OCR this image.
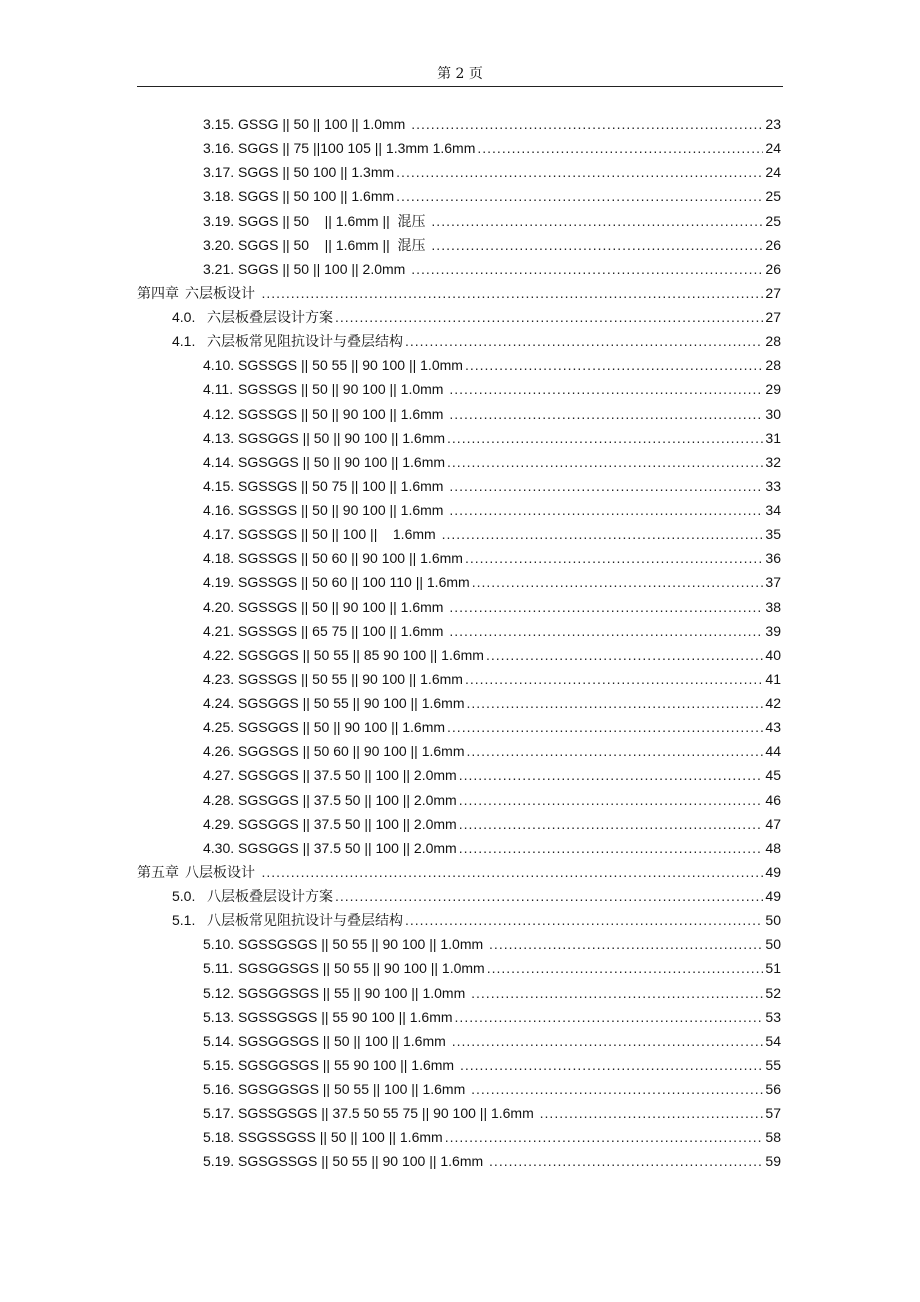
第 2 页
3.15. GSSG || 50 || 100 || 1.0mm .....	23
3.16. SGGS || 75 ||100 105 || 1.3mm 1.6mm .....	24
3.17. SGGS || 50 100 || 1.3mm .....	24
3.18. SGGS || 50 100 || 1.6mm .....	25
3.19. SGGS || 50    || 1.6mm ||  混压 .....	25
3.20. SGGS || 50    || 1.6mm ||  混压 .....	26
3.21. SGGS || 50 || 100 || 2.0mm .....	26
第四章 六层板设计 .....	27
4.0. 六层板叠层设计方案 .....	27
4.1. 六层板常见阻抗设计与叠层结构 .....	28
4.10. SGSSGS || 50 55 || 90 100 || 1.0mm .....	28
4.11. SGSSGS || 50 || 90 100 || 1.0mm .....	29
4.12. SGSSGS || 50 || 90 100 || 1.6mm .....	30
4.13. SGSGGS || 50 || 90 100 || 1.6mm .....	31
4.14. SGSGGS || 50 || 90 100 || 1.6mm .....	32
4.15. SGSSGS || 50 75 || 100 || 1.6mm .....	33
4.16. SGSSGS || 50 || 90 100 || 1.6mm .....	34
4.17. SGSSGS || 50 || 100 ||    1.6mm .....	35
4.18. SGSSGS || 50 60 || 90 100 || 1.6mm .....	36
4.19. SGSSGS || 50 60 || 100 110 || 1.6mm .....	37
4.20. SGSSGS || 50 || 90 100 || 1.6mm .....	38
4.21. SGSSGS || 65 75 || 100 || 1.6mm .....	39
4.22. SGSGGS || 50 55 || 85 90 100 || 1.6mm .....	40
4.23. SGSSGS || 50 55 || 90 100 || 1.6mm .....	41
4.24. SGSGGS || 50 55 || 90 100 || 1.6mm .....	42
4.25. SGSGGS || 50 || 90 100 || 1.6mm .....	43
4.26. SGGSGS || 50 60 || 90 100 || 1.6mm .....	44
4.27. SGSGGS || 37.5 50 || 100 || 2.0mm .....	45
4.28. SGSGGS || 37.5 50 || 100 || 2.0mm .....	46
4.29. SGSGGS || 37.5 50 || 100 || 2.0mm .....	47
4.30. SGSGGS || 37.5 50 || 100 || 2.0mm .....	48
第五章 八层板设计 .....	49
5.0. 八层板叠层设计方案 .....	49
5.1. 八层板常见阻抗设计与叠层结构 .....	50
5.10. SGSSGSGS || 50 55 || 90 100 || 1.0mm .....	50
5.11. SGSGGSGS || 50 55 || 90 100 || 1.0mm .....	51
5.12. SGSGGSGS || 55 || 90 100 || 1.0mm .....	52
5.13. SGSSGSGS || 55 90 100 || 1.6mm .....	53
5.14. SGSGGSGS || 50 || 100 || 1.6mm .....	54
5.15. SGSGGSGS || 55 90 100 || 1.6mm .....	55
5.16. SGSGGSGS || 50 55 || 100 || 1.6mm .....	56
5.17. SGSSGSGS || 37.5 50 55 75 || 90 100 || 1.6mm .....	57
5.18. SSGSSGSS || 50 || 100 || 1.6mm .....	58
5.19. SGSGSSGS || 50 55 || 90 100 || 1.6mm .....	59
